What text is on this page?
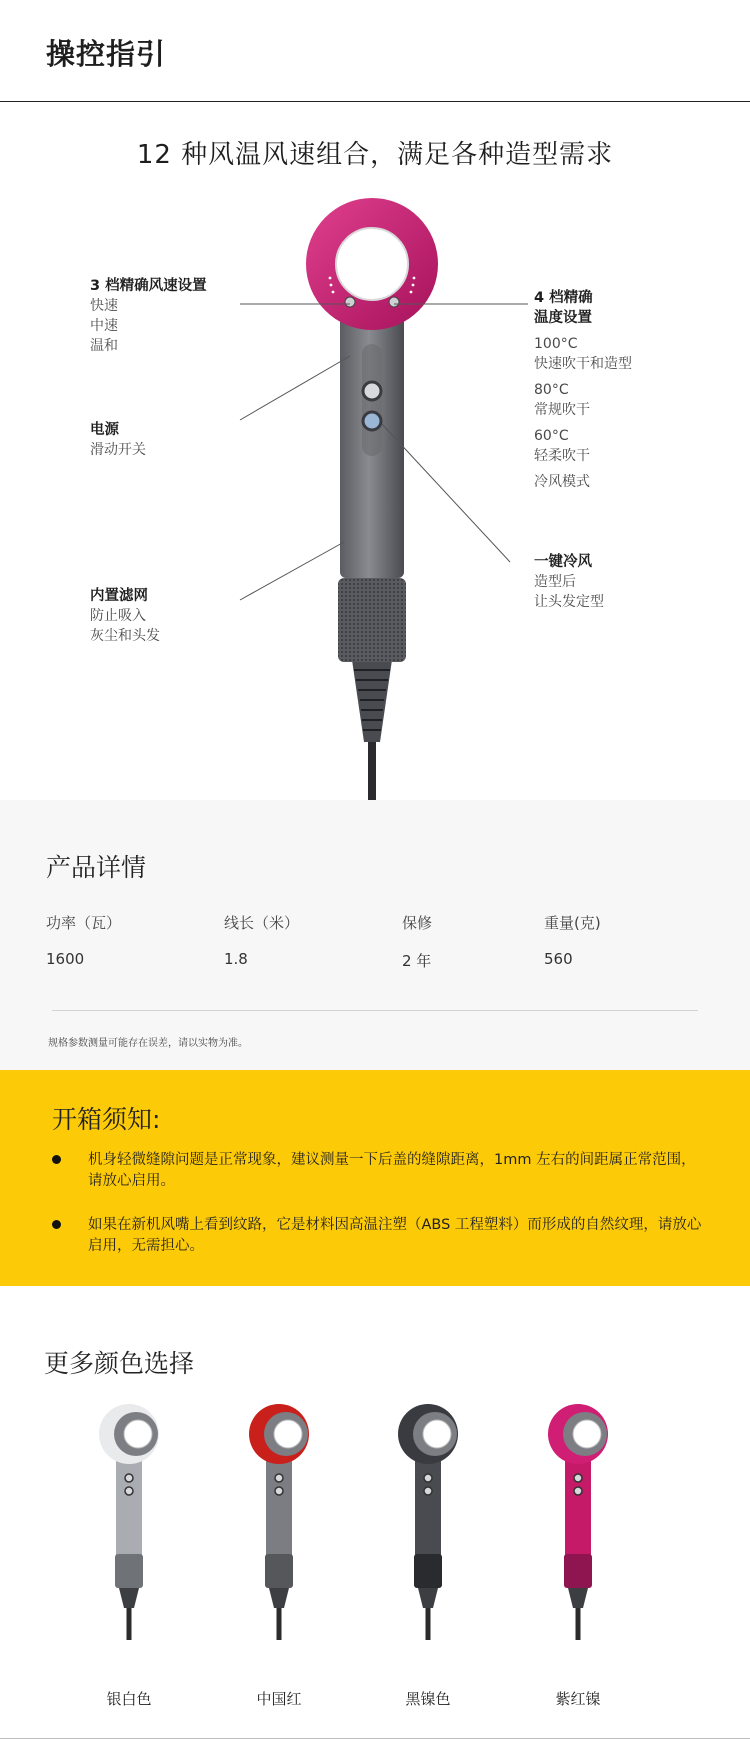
操控指引
12 种风温风速组合，满足各种造型需求
3 档精确风速设置
快速
中速
温和
电源
滑动开关
内置滤网
防止吸入
灰尘和头发
4 档精确
温度设置
100°C
快速吹干和造型
80°C
常规吹干
60°C
轻柔吹干
冷风模式
一键冷风
造型后
让头发定型
产品详情
功率（瓦）	线长（米）	保修	重量(克)
1600	1.8	2 年	560
规格参数测量可能存在误差，请以实物为准。
开箱须知:
机身轻微缝隙问题是正常现象，建议测量一下后盖的缝隙距离，1mm 左右的间距属正常范围，请放心启用。
如果在新机风嘴上看到纹路，它是材料因高温注塑（ABS 工程塑料）而形成的自然纹理，请放心启用，无需担心。
更多颜色选择
银白色	中国红	黑镍色	紫红镍
